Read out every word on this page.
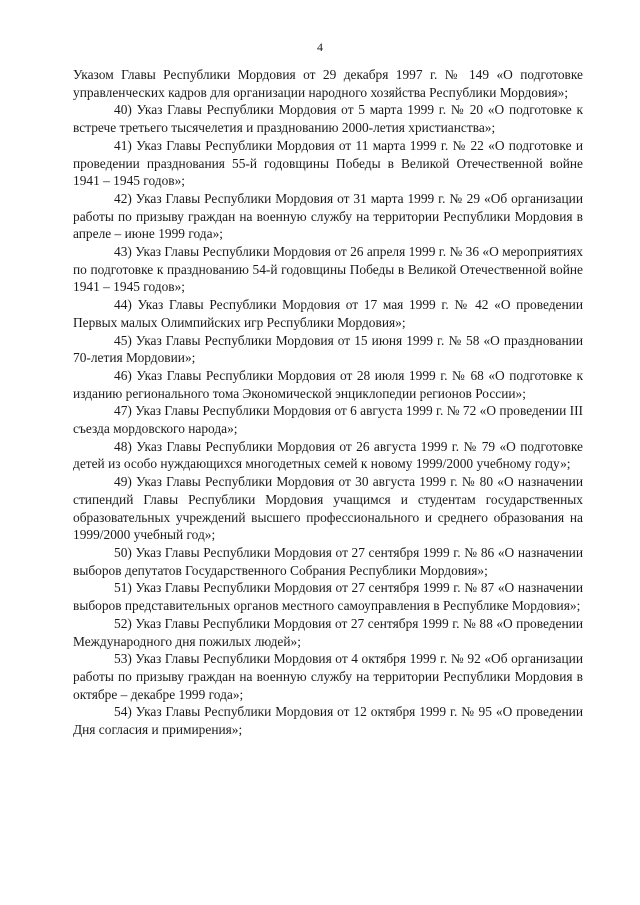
4

Указом Главы Республики Мордовия от 29 декабря 1997 г. № 149 «О подготовке управленческих кадров для организации народного хозяйства Республики Мордовия»;

40) Указ Главы Республики Мордовия от 5 марта 1999 г. № 20 «О подготовке к встрече третьего тысячелетия и празднованию 2000-летия христианства»;

41) Указ Главы Республики Мордовия от 11 марта 1999 г. № 22 «О подготовке и проведении празднования 55-й годовщины Победы в Великой Отечественной войне 1941 – 1945 годов»;

42) Указ Главы Республики Мордовия от 31 марта 1999 г. № 29 «Об организации работы по призыву граждан на военную службу на территории Республики Мордовия в апреле – июне 1999 года»;

43) Указ Главы Республики Мордовия от 26 апреля 1999 г. № 36 «О мероприятиях по подготовке к празднованию 54-й годовщины Победы в Великой Отечественной войне 1941 – 1945 годов»;

44) Указ Главы Республики Мордовия от 17 мая 1999 г. № 42 «О проведении Первых малых Олимпийских игр Республики Мордовия»;

45) Указ Главы Республики Мордовия от 15 июня 1999 г. № 58 «О праздновании 70-летия Мордовии»;

46) Указ Главы Республики Мордовия от 28 июля 1999 г. № 68 «О подготовке к изданию регионального тома Экономической энциклопедии регионов России»;

47) Указ Главы Республики Мордовия от 6 августа 1999 г. № 72 «О проведении III съезда мордовского народа»;

48) Указ Главы Республики Мордовия от 26 августа 1999 г. № 79 «О подготовке детей из особо нуждающихся многодетных семей к новому 1999/2000 учебному году»;

49) Указ Главы Республики Мордовия от 30 августа 1999 г. № 80 «О назначении стипендий Главы Республики Мордовия учащимся и студентам государственных образовательных учреждений высшего профессионального и среднего образования на 1999/2000 учебный год»;

50) Указ Главы Республики Мордовия от 27 сентября 1999 г. № 86 «О назначении выборов депутатов Государственного Собрания Республики Мордовия»;

51) Указ Главы Республики Мордовия от 27 сентября 1999 г. № 87 «О назначении выборов представительных органов местного самоуправления в Республике Мордовия»;

52) Указ Главы Республики Мордовия от 27 сентября 1999 г. № 88 «О проведении Международного дня пожилых людей»;

53) Указ Главы Республики Мордовия от 4 октября 1999 г. № 92 «Об организации работы по призыву граждан на военную службу на территории Республики Мордовия в октябре – декабре 1999 года»;

54) Указ Главы Республики Мордовия от 12 октября 1999 г. № 95 «О проведении Дня согласия и примирения»;
